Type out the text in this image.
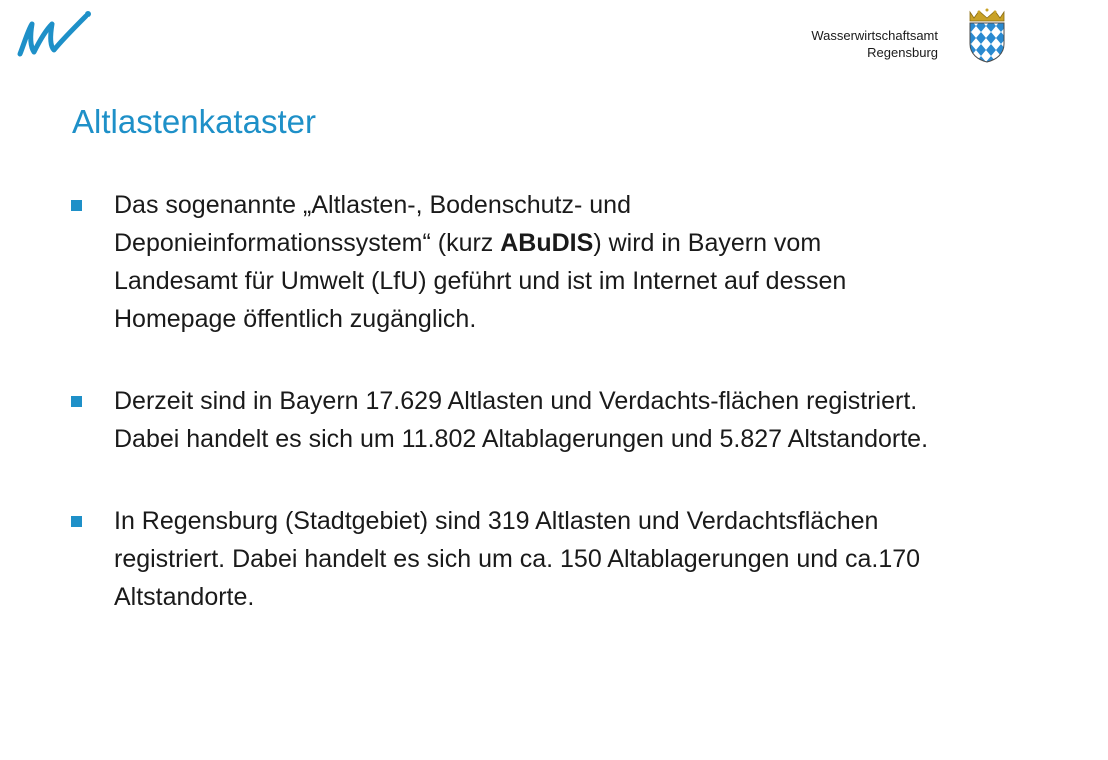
Wasserwirtschaftsamt
Regensburg
Altlastenkataster

Das sogenannte „Altlasten-, Bodenschutz- und Deponieinformationssystem“ (kurz ABuDIS) wird in Bayern vom Landesamt für Umwelt (LfU) geführt und ist im Internet auf dessen Homepage öffentlich zugänglich.

Derzeit sind in Bayern 17.629 Altlasten und Verdachts-flächen registriert. Dabei handelt es sich um 11.802 Altablagerungen und 5.827 Altstandorte.

In Regensburg (Stadtgebiet) sind 319 Altlasten und Verdachtsflächen registriert. Dabei handelt es sich um ca. 150 Altablagerungen und ca.170 Altstandorte.
